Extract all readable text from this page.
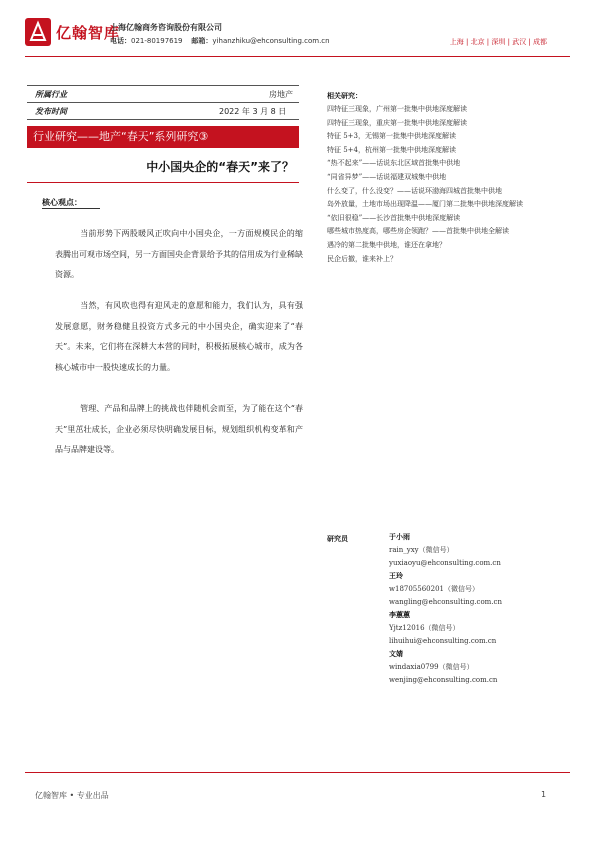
亿翰智库
上海亿翰商务咨询股份有限公司
电话：021-80197619 邮箱：yihanzhiku@ehconsulting.com.cn	上海 | 北京 | 深圳 | 武汉 | 成都
所属行业	房地产
发布时间	2022 年 3 月 8 日
行业研究——地产“春天”系列研究③
中小国央企的“春天”来了？
核心观点：
当前形势下两股暖风正吹向中小国央企，一方面规模民企的缩表腾出可观市场空间，另一方面国央企背景给予其的信用成为行业稀缺资源。
当然，有风吹也得有迎风走的意愿和能力，我们认为，具有强发展意愿，财务稳健且投资方式多元的中小国央企，确实迎来了“春天”。未来，它们将在深耕大本营的同时，积极拓展核心城市，成为各核心城市中一股快速成长的力量。
管理、产品和品牌上的挑战也伴随机会而至，为了能在这个“春天”里茁壮成长，企业必须尽快明确发展目标，规划组织机构变革和产品与品牌建设等。
相关研究：
四特征三现象，广州第一批集中供地深度解读
四特征三现象，重庆第一批集中供地深度解读
特征 5+3，无锡第一批集中供地深度解读
特征 5+4，杭州第一批集中供地深度解读
“热不起来”——话说东北区域首批集中供地
“同省异梦”——话说福建双城集中供地
什么变了，什么没变？——话说环渤海四城首批集中供地
岛外放量，土地市场出现降温——厦门第二批集中供地深度解读
“依旧很稳”——长沙首批集中供地深度解读
哪些城市热度高，哪些房企领跑？——首批集中供地全解读
遇冷的第二批集中供地，谁还在拿地？
民企后撤，谁来补上？
研究员	于小雨
rain_yxy（微信号）
yuxiaoyu@ehconsulting.com.cn
王玲
w18705560201（微信号）
wangling@ehconsulting.com.cn
李蕙蕙
Yjtz12016（微信号）
lihuihui@ehconsulting.com.cn
文婧
windaxia0799（微信号）
wenjing@ehconsulting.com.cn
亿翰智库 • 专业出品	1
